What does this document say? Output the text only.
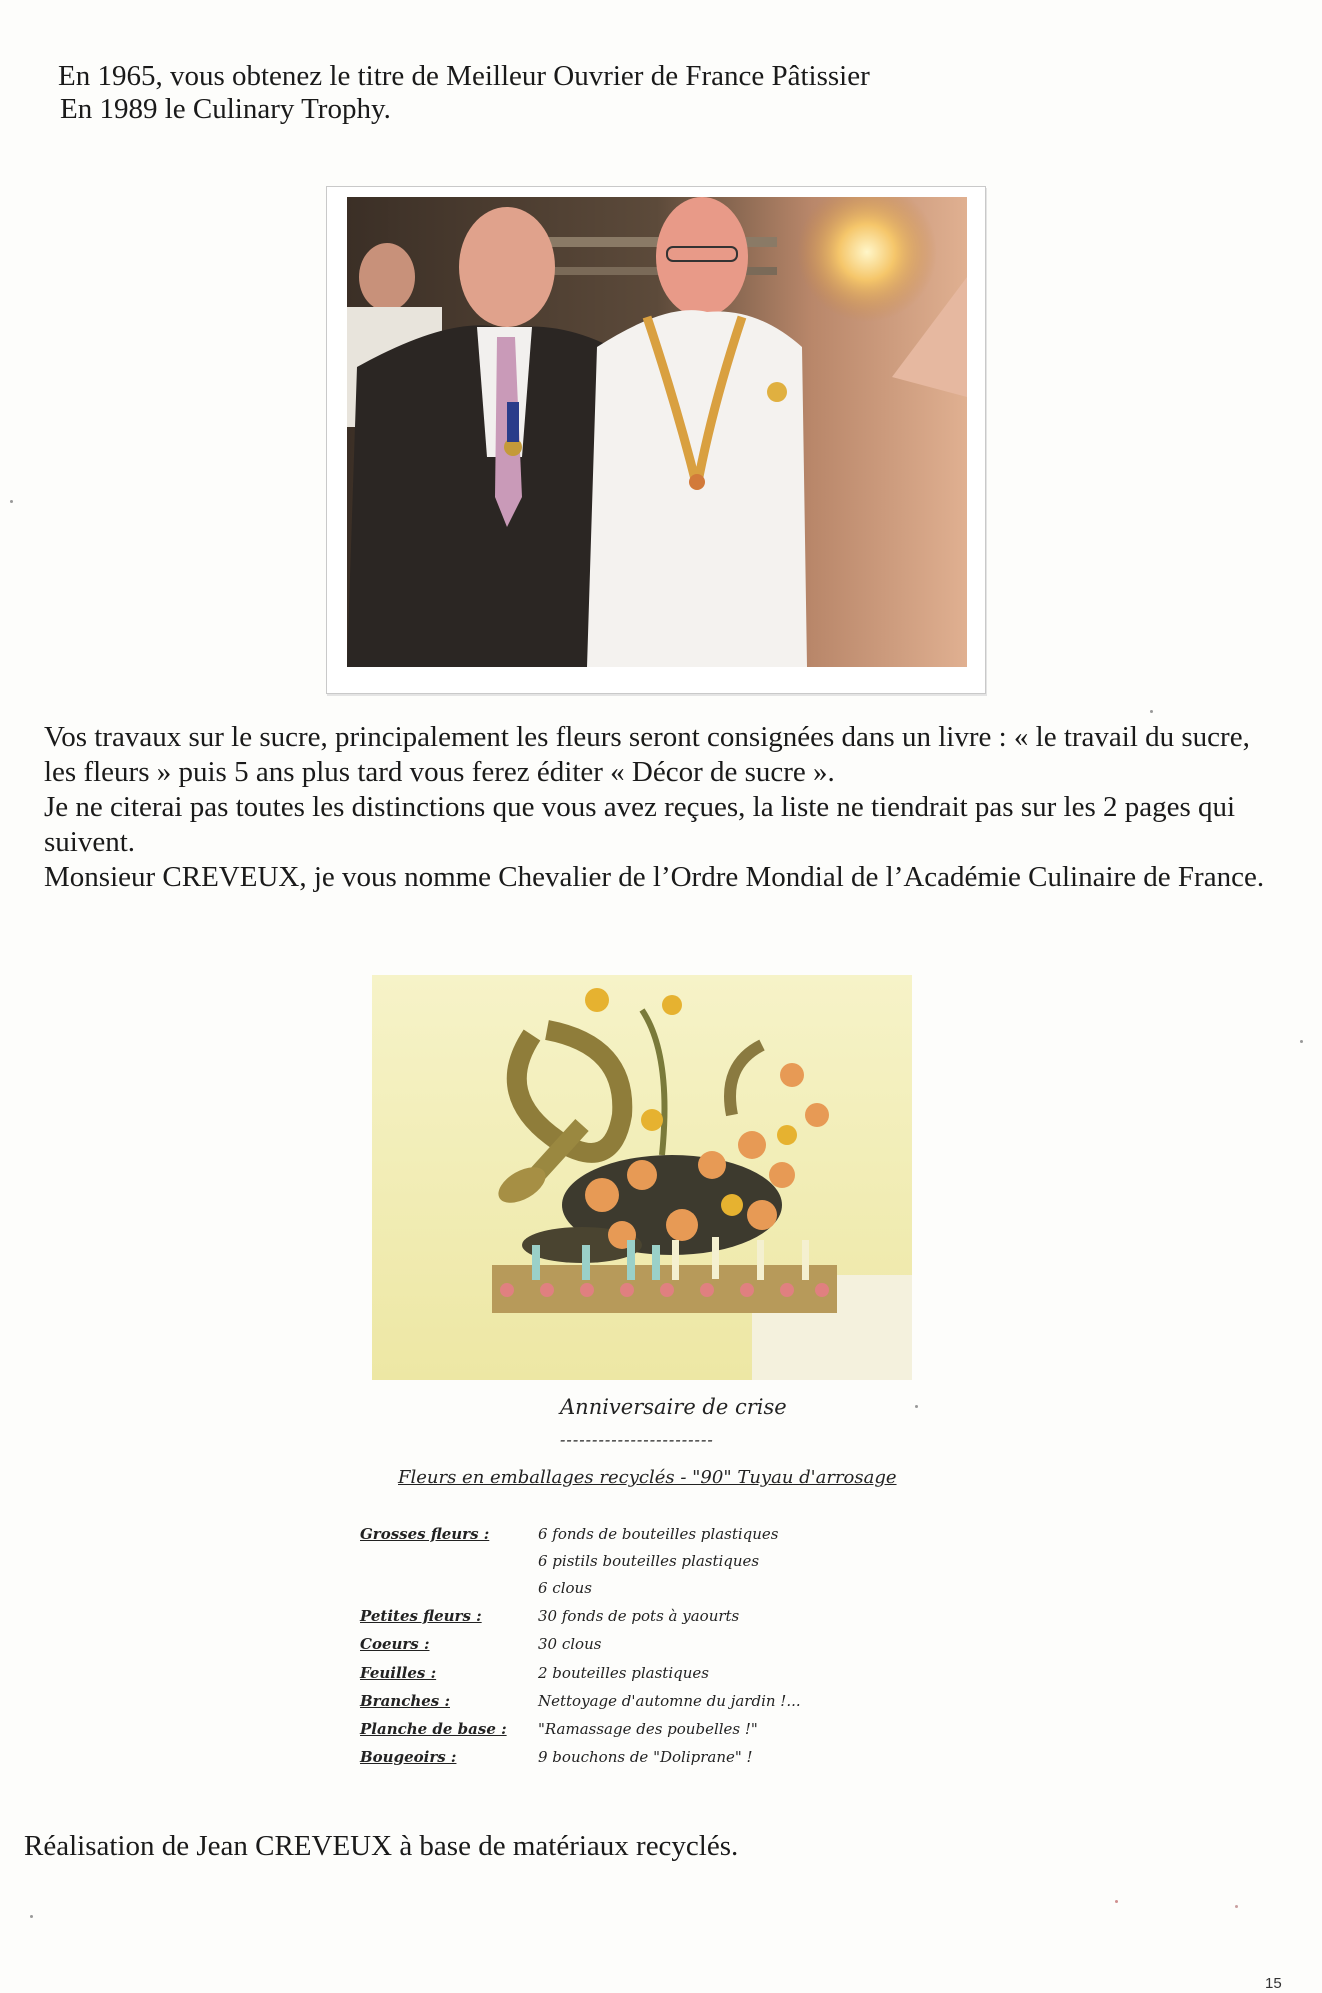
En 1965, vous obtenez le titre de Meilleur Ouvrier de France Pâtissier
En 1989 le Culinary Trophy.

Vos travaux sur le sucre, principalement les fleurs seront consignées dans un livre : « le travail du sucre, les fleurs » puis 5 ans plus tard vous ferez éditer « Décor de sucre ».

Je ne citerai pas toutes les distinctions que vous avez reçues, la liste ne tiendrait pas sur les 2 pages qui suivent.

Monsieur CREVEUX, je vous nomme Chevalier de l’Ordre Mondial de l’Académie Culinaire de France.

Anniversaire de crise
------------------------
Fleurs en emballages recyclés - "90" Tuyau d'arrosage
Grosses fleurs :	6 fonds de bouteilles plastiques
6 pistils bouteilles plastiques
6 clous
Petites fleurs :	30 fonds de pots à yaourts
Coeurs :	30 clous
Feuilles :	2 bouteilles plastiques
Branches :	Nettoyage d'automne du jardin !...
Planche de base : "Ramassage des poubelles !"
Bougeoirs :	9 bouchons de "Doliprane" !
Réalisation de Jean CREVEUX à base de matériaux recyclés.
15
